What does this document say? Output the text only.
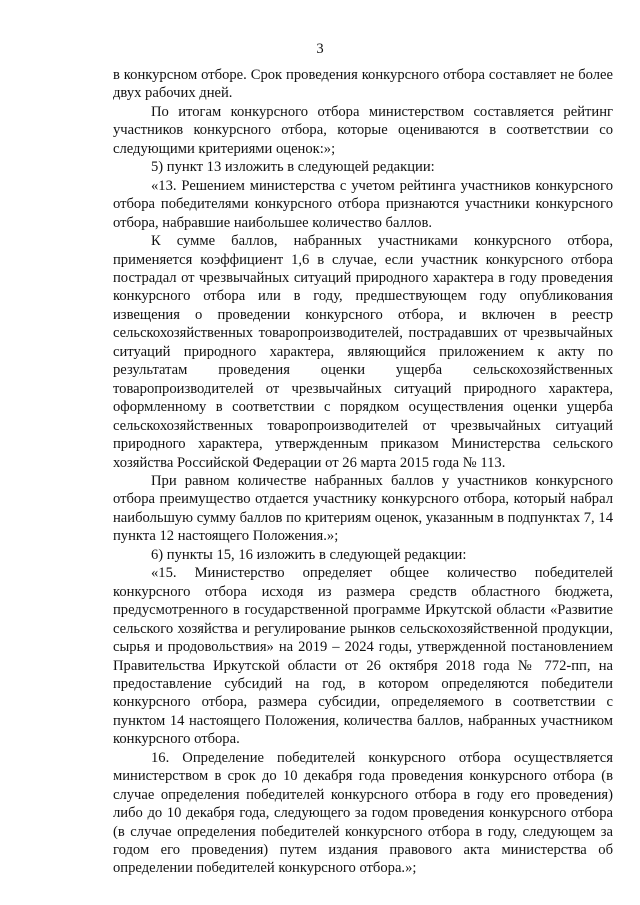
3

в конкурсном отборе. Срок проведения конкурсного отбора составляет не более двух рабочих дней.

По итогам конкурсного отбора министерством составляется рейтинг участников конкурсного отбора, которые оцениваются в соответствии со следующими критериями оценок:»;

5) пункт 13 изложить в следующей редакции:

«13. Решением министерства с учетом рейтинга участников конкурсного отбора победителями конкурсного отбора признаются участники конкурсного отбора, набравшие наибольшее количество баллов.

К сумме баллов, набранных участниками конкурсного отбора, применяется коэффициент 1,6 в случае, если участник конкурсного отбора пострадал от чрезвычайных ситуаций природного характера в году проведения конкурсного отбора или в году, предшествующем году опубликования извещения о проведении конкурсного отбора, и включен в реестр сельскохозяйственных товаропроизводителей, пострадавших от чрезвычайных ситуаций природного характера, являющийся приложением к акту по результатам проведения оценки ущерба сельскохозяйственных товаропроизводителей от чрезвычайных ситуаций природного характера, оформленному в соответствии с порядком осуществления оценки ущерба сельскохозяйственных товаропроизводителей от чрезвычайных ситуаций природного характера, утвержденным приказом Министерства сельского хозяйства Российской Федерации от 26 марта 2015 года № 113.

При равном количестве набранных баллов у участников конкурсного отбора преимущество отдается участнику конкурсного отбора, который набрал наибольшую сумму баллов по критериям оценок, указанным в подпунктах 7, 14 пункта 12 настоящего Положения.»;

6) пункты 15, 16 изложить в следующей редакции:

«15. Министерство определяет общее количество победителей конкурсного отбора исходя из размера средств областного бюджета, предусмотренного в государственной программе Иркутской области «Развитие сельского хозяйства и регулирование рынков сельскохозяйственной продукции, сырья и продовольствия» на 2019 – 2024 годы, утвержденной постановлением Правительства Иркутской области от 26 октября 2018 года № 772-пп, на предоставление субсидий на год, в котором определяются победители конкурсного отбора, размера субсидии, определяемого в соответствии с пунктом 14 настоящего Положения, количества баллов, набранных участником конкурсного отбора.

16. Определение победителей конкурсного отбора осуществляется министерством в срок до 10 декабря года проведения конкурсного отбора (в случае определения победителей конкурсного отбора в году его проведения) либо до 10 декабря года, следующего за годом проведения конкурсного отбора (в случае определения победителей конкурсного отбора в году, следующем за годом его проведения) путем издания правового акта министерства об определении победителей конкурсного отбора.»;
